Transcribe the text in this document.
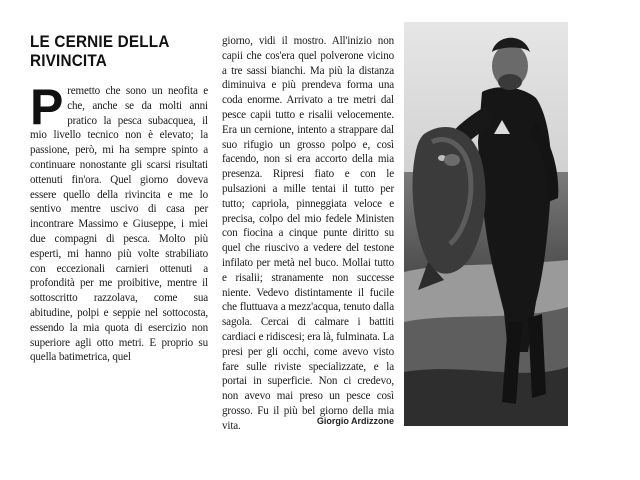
LE CERNIE DELLA RIVINCITA

Premetto che sono un neofita e che, anche se da molti anni pratico la pesca subacquea, il mio livello tecnico non è elevato; la passione, però, mi ha sempre spinto a continuare nonostante gli scarsi risultati ottenuti fin'ora. Quel giorno doveva essere quello della rivincita e me lo sentivo mentre uscivo di casa per incontrare Massimo e Giuseppe, i miei due compagni di pesca. Molto più esperti, mi hanno più volte strabiliato con eccezionali carnieri ottenuti a profondità per me proibitive, mentre il sottoscritto razzolava, come sua abitudine, polpi e seppie nel sottocosta, essendo la mia quota di esercizio non superiore agli otto metri. E proprio su quella batimetrica, quel

giorno, vidi il mostro. All'inizio non capii che cos'era quel polverone vicino a tre sassi bianchi. Ma più la distanza diminuiva e più prendeva forma una coda enorme. Arrivato a tre metri dal pesce capii tutto e risalii velocemente. Era un cernione, intento a strappare dal suo rifugio un grosso polpo e, così facendo, non si era accorto della mia presenza. Ripresi fiato e con le pulsazioni a mille tentai il tutto per tutto; capriola, pinneggiata veloce e precisa, colpo del mio fedele Ministen con fiocina a cinque punte diritto su quel che riuscivo a vedere del testone infilato per metà nel buco. Mollai tutto e risalii; stranamente non successe niente. Vedevo distintamente il fucile che fluttuava a mezz'acqua, tenuto dalla sagola. Cercai di calmare i battiti cardiaci e ridiscesi; era là, fulminata. La presi per gli occhi, come avevo visto fare sulle riviste specializzate, e la portai in superficie. Non ci credevo, non avevo mai preso un pesce così grosso. Fu il più bel giorno della mia vita.	Giorgio Ardizzone
